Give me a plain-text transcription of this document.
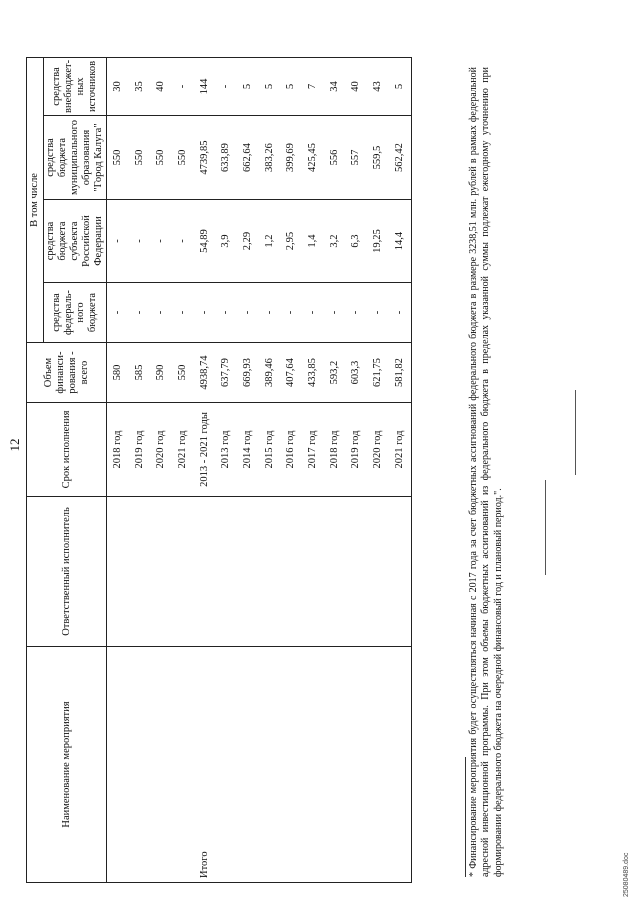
12
Наименование мероприятия	Ответственный исполнитель	Срок исполнения	Объем финанси-рования - всего	В том числе			
				средства федераль-ного бюджета	средства бюджета субъекта Российской Федерации	средства бюджета муниципального образования "Город Калуга"	средства внебюджет-ных источников
		2018 год	580	-	-	550	30
		2019 год	585	-	-	550	35
		2020 год	590	-	-	550	40
		2021 год	550	-	-	550	-
Итого		2013 - 2021 годы	4938,74	-	54,89	4739,85	144
		2013 год	637,79	-	3,9	633,89	-
		2014 год	669,93	-	2,29	662,64	5
		2015 год	389,46	-	1,2	383,26	5
		2016 год	407,64	-	2,95	399,69	5
		2017 год	433,85	-	1,4	425,45	7
		2018 год	593,2	-	3,2	556	34
		2019 год	603,3	-	6,3	557	40
		2020 год	621,75	-	19,25	559,5	43
		2021 год	581,82	-	14,4	562,42	5	* Финансирование мероприятия будет осуществляться начиная с 2017 года за счет бюджетных ассигнований федерального бюджета в размере 3238,51 млн. рублей в рамках федеральной адресной инвестиционной программы. При этом объемы бюджетных ассигнований из федерального бюджета в пределах указанной суммы подлежат ежегодному уточнению при формировании федерального бюджета на очередной финансовый год и плановый период.".	25080489.doc
